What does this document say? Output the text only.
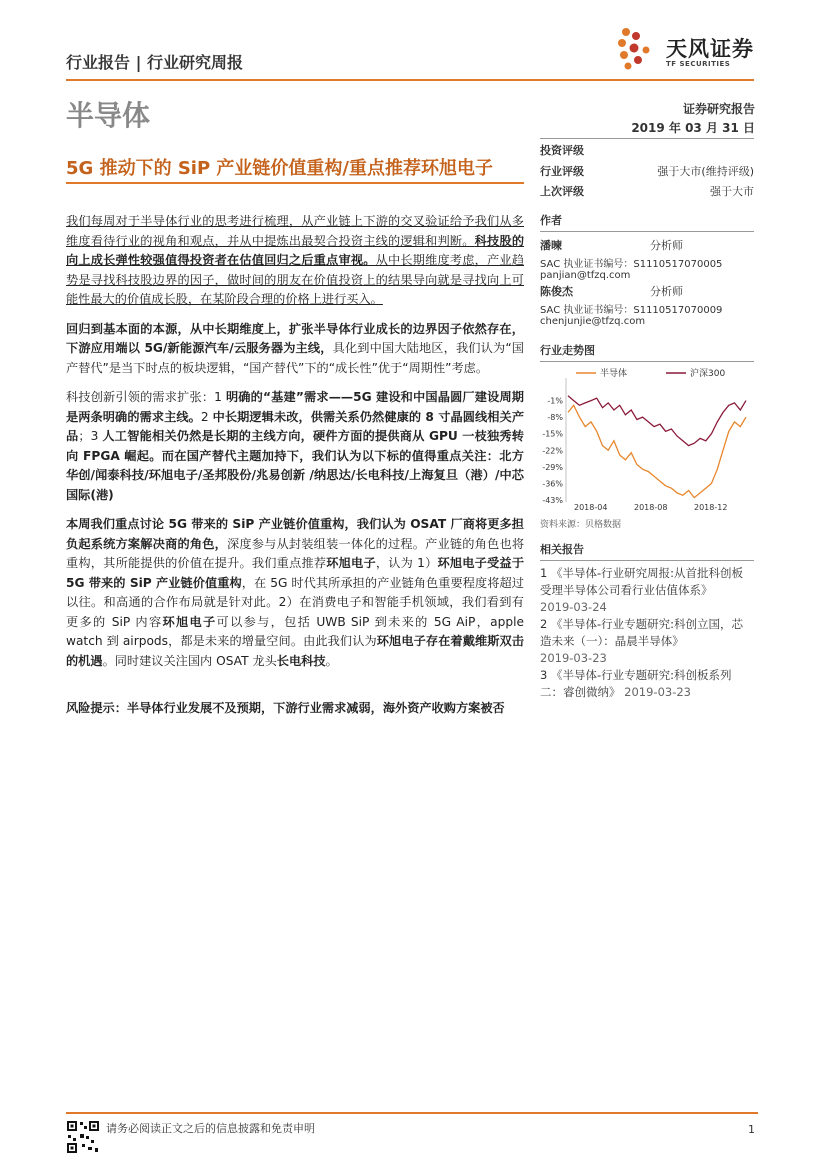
行业报告 | 行业研究周报
天风证券
TF SECURITIES
半导体	证券研究报告
2019 年 03 月 31 日
5G 推动下的 SiP 产业链价值重构/重点推荐环旭电子
投资评级
行业评级	强于大市(维持评级)
上次评级	强于大市
作者
潘暕	分析师
SAC 执业证书编号：S1110517070005
panjian@tfzq.com
陈俊杰	分析师
SAC 执业证书编号：S1110517070009
chenjunjie@tfzq.com
行业走势图
半导体	沪深300
-1%
-8%
-15%
-22%
-29%
-36%
-43%
2018-04	2018-08	2018-12
资料来源：贝格数据
相关报告
1 《半导体-行业研究周报:从首批科创板受理半导体公司看行业估值体系》
2019-03-24
2 《半导体-行业专题研究:科创立国，芯造未来（一）：晶晨半导体》
2019-03-23
3 《半导体-行业专题研究:科创板系列二：睿创微纳》 2019-03-23

我们每周对于半导体行业的思考进行梳理，从产业链上下游的交叉验证给予我们从多维度看待行业的视角和观点，并从中提炼出最契合投资主线的逻辑和判断。科技股的向上成长弹性较强值得投资者在估值回归之后重点审视。从中长期维度考虑，产业趋势是寻找科技股边界的因子，做时间的朋友在价值投资上的结果导向就是寻找向上可能性最大的价值成长股，在某阶段合理的价格上进行买入。

回归到基本面的本源，从中长期维度上，扩张半导体行业成长的边界因子依然存在，下游应用端以 5G/新能源汽车/云服务器为主线，具化到中国大陆地区，我们认为“国产替代”是当下时点的板块逻辑，“国产替代”下的“成长性”优于“周期性”考虑。

科技创新引领的需求扩张：1 明确的“基建”需求——5G 建设和中国晶圆厂建设周期是两条明确的需求主线。2 中长期逻辑未改，供需关系仍然健康的 8 寸晶圆线相关产品；3 人工智能相关仍然是长期的主线方向，硬件方面的提供商从 GPU 一枝独秀转向 FPGA 崛起。而在国产替代主题加持下，我们认为以下标的值得重点关注：北方华创/闻泰科技/环旭电子/圣邦股份/兆易创新 /纳思达/长电科技/上海复旦（港）/中芯国际(港)

本周我们重点讨论 5G 带来的 SiP 产业链价值重构，我们认为 OSAT 厂商将更多担负起系统方案解决商的角色，深度参与从封装组装一体化的过程。产业链的角色也将重构，其所能提供的价值在提升。我们重点推荐环旭电子，认为 1）环旭电子受益于 5G 带来的 SiP 产业链价值重构，在 5G 时代其所承担的产业链角色重要程度将超过以往。和高通的合作布局就是针对此。2）在消费电子和智能手机领域，我们看到有更多的 SiP 内容环旭电子可以参与，包括 UWB SiP 到未来的 5G AiP，apple watch 到 airpods，都是未来的增量空间。由此我们认为环旭电子存在着戴维斯双击的机遇。同时建议关注国内 OSAT 龙头长电科技。

风险提示：半导体行业发展不及预期，下游行业需求减弱，海外资产收购方案被否

请务必阅读正文之后的信息披露和免责申明	1
